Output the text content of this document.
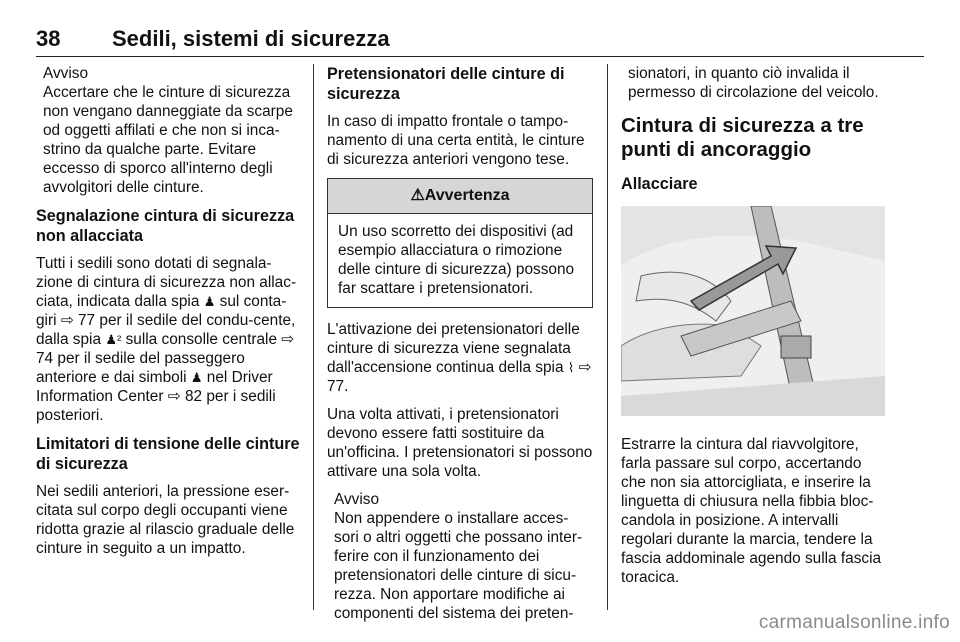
38 Sedili, sistemi di sicurezza
Avviso
Accertare che le cinture di sicurezza non vengano danneggiate da scarpe od oggetti affilati e che non si inca-strino da qualche parte. Evitare eccesso di sporco all'interno degli avvolgitori delle cinture.
Segnalazione cintura di sicurezza non allacciata
Tutti i sedili sono dotati di segnala-zione di cintura di sicurezza non allac-ciata, indicata dalla spia ♟ sul conta-giri ⇨ 77 per il sedile del condu-cente, dalla spia ♟² sulla consolle centrale ⇨ 74 per il sedile del passeggero anteriore e dai simboli ♟ nel Driver Information Center ⇨ 82 per i sedili posteriori.
Limitatori di tensione delle cinture di sicurezza
Nei sedili anteriori, la pressione eser-citata sul corpo degli occupanti viene ridotta grazie al rilascio graduale delle cinture in seguito a un impatto.
Pretensionatori delle cinture di sicurezza
In caso di impatto frontale o tampo-namento di una certa entità, le cinture di sicurezza anteriori vengono tese.
⚠Avvertenza
Un uso scorretto dei dispositivi (ad esempio allacciatura o rimozione delle cinture di sicurezza) possono far scattare i pretensionatori.
L'attivazione dei pretensionatori delle cinture di sicurezza viene segnalata dall'accensione continua della spia ⌇ ⇨ 77.
Una volta attivati, i pretensionatori devono essere fatti sostituire da un'officina. I pretensionatori si possono attivare una sola volta.
Avviso
Non appendere o installare acces-sori o altri oggetti che possano inter-ferire con il funzionamento dei pretensionatori delle cinture di sicu-rezza. Non apportare modifiche ai componenti del sistema dei preten-
sionatori, in quanto ciò invalida il permesso di circolazione del veicolo.
Cintura di sicurezza a tre punti di ancoraggio
Allacciare
Estrarre la cintura dal riavvolgitore, farla passare sul corpo, accertando che non sia attorcigliata, e inserire la linguetta di chiusura nella fibbia bloc-candola in posizione. A intervalli regolari durante la marcia, tendere la fascia addominale agendo sulla fascia toracica.
carmanualsonline.info
